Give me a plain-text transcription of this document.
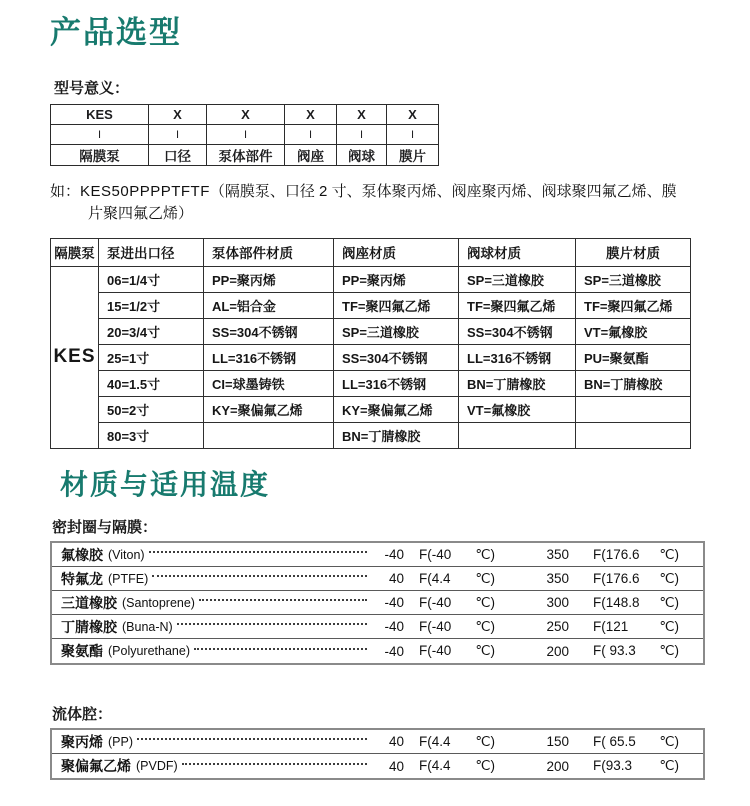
产品选型
型号意义：
KES	X	X	X	X	X
I	I	I	I	I	I
隔膜泵	口径	泵体部件	阀座	阀球	膜片
如：KES50PPPPTFTF（隔膜泵、口径 2 寸、泵体聚丙烯、阀座聚丙烯、阀球聚四氟乙烯、膜
片聚四氟乙烯）
隔膜泵	泵进出口径	泵体部件材质	阀座材质	阀球材质	膜片材质
KES	06=1/4寸	PP=聚丙烯	PP=聚丙烯	SP=三道橡胶	SP=三道橡胶
	15=1/2寸	AL=铝合金	TF=聚四氟乙烯	TF=聚四氟乙烯	TF=聚四氟乙烯
	20=3/4寸	SS=304不锈钢	SP=三道橡胶	SS=304不锈钢	VT=氟橡胶
	25=1寸	LL=316不锈钢	SS=304不锈钢	LL=316不锈钢	PU=聚氨酯
	40=1.5寸	CI=球墨铸铁	LL=316不锈钢	BN=丁腈橡胶	BN=丁腈橡胶
	50=2寸	KY=聚偏氟乙烯	KY=聚偏氟乙烯	VT=氟橡胶	
	80=3寸		BN=丁腈橡胶		
材质与适用温度
密封圈与隔膜：
氟橡胶 (Viton)	-40 F(-40 ℃)	350 F(176.6 ℃)
特氟龙 (PTFE)	40 F(4.4 ℃)	350 F(176.6 ℃)
三道橡胶 (Santoprene)	-40 F(-40 ℃)	300 F(148.8 ℃)
丁腈橡胶 (Buna-N)	-40 F(-40 ℃)	250 F(121 ℃)
聚氨酯 (Polyurethane)	-40 F(-40 ℃)	200 F( 93.3 ℃)
流体腔：
聚丙烯 (PP)	40 F(4.4 ℃)	150 F( 65.5 ℃)
聚偏氟乙烯 (PVDF)	40 F(4.4 ℃)	200 F(93.3 ℃)
